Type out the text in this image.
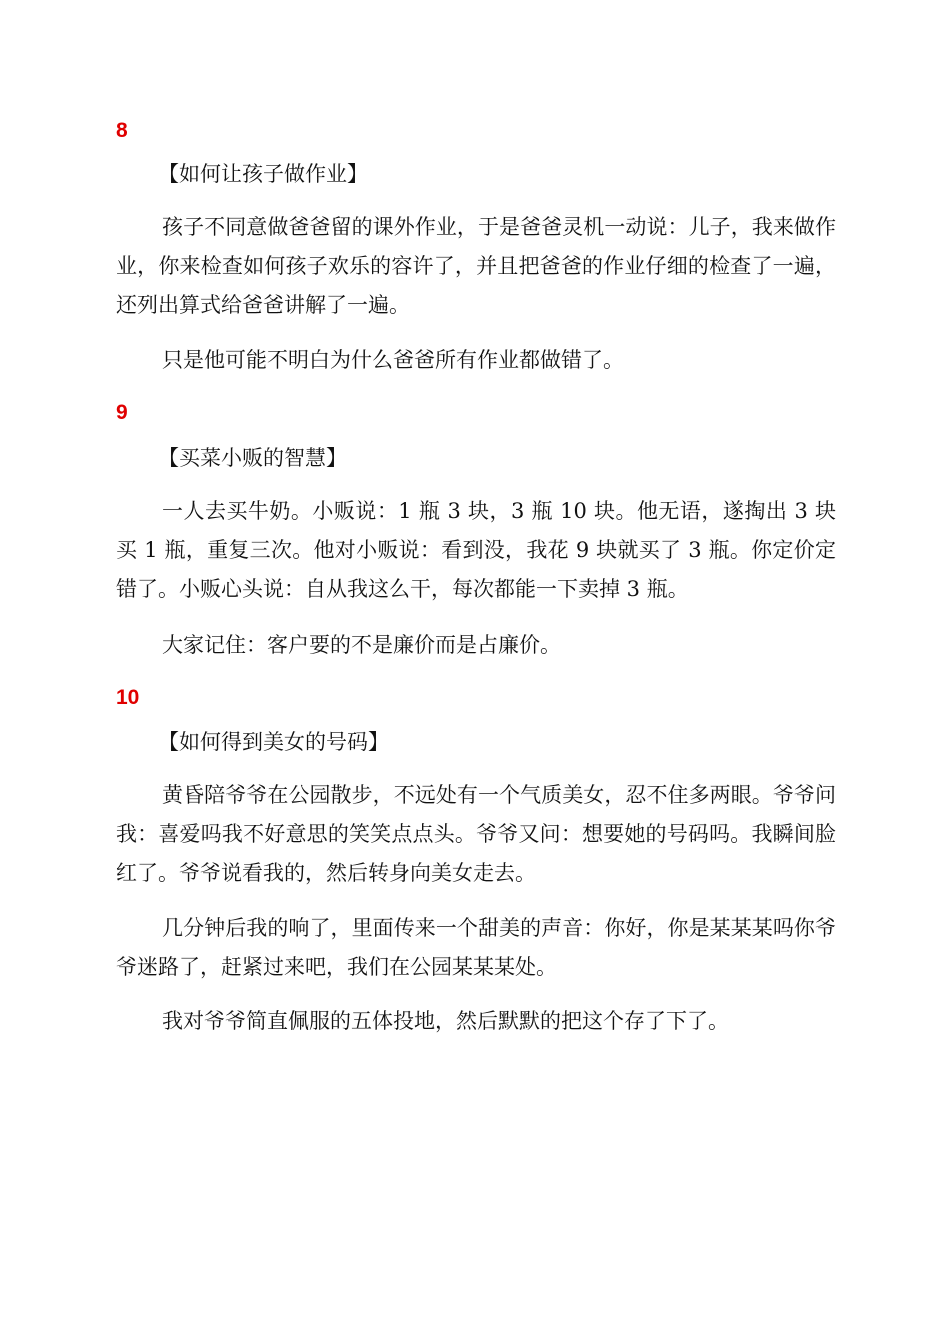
8
【如何让孩子做作业】
孩子不同意做爸爸留的课外作业，于是爸爸灵机一动说：儿子，我来做作业，你来检查如何孩子欢乐的容许了，并且把爸爸的作业仔细的检查了一遍，还列出算式给爸爸讲解了一遍。
只是他可能不明白为什么爸爸所有作业都做错了。
9
【买菜小贩的智慧】
一人去买牛奶。小贩说：1 瓶 3 块，3 瓶 10 块。他无语，遂掏出 3 块买 1 瓶，重复三次。他对小贩说：看到没，我花 9 块就买了 3 瓶。你定价定错了。小贩心头说：自从我这么干，每次都能一下卖掉 3 瓶。
大家记住：客户要的不是廉价而是占廉价。
10
【如何得到美女的号码】
黄昏陪爷爷在公园散步，不远处有一个气质美女，忍不住多两眼。爷爷问我：喜爱吗我不好意思的笑笑点点头。爷爷又问：想要她的号码吗。我瞬间脸红了。爷爷说看我的，然后转身向美女走去。
几分钟后我的响了，里面传来一个甜美的声音：你好，你是某某某吗你爷爷迷路了，赶紧过来吧，我们在公园某某某处。
我对爷爷简直佩服的五体投地，然后默默的把这个存了下了。
